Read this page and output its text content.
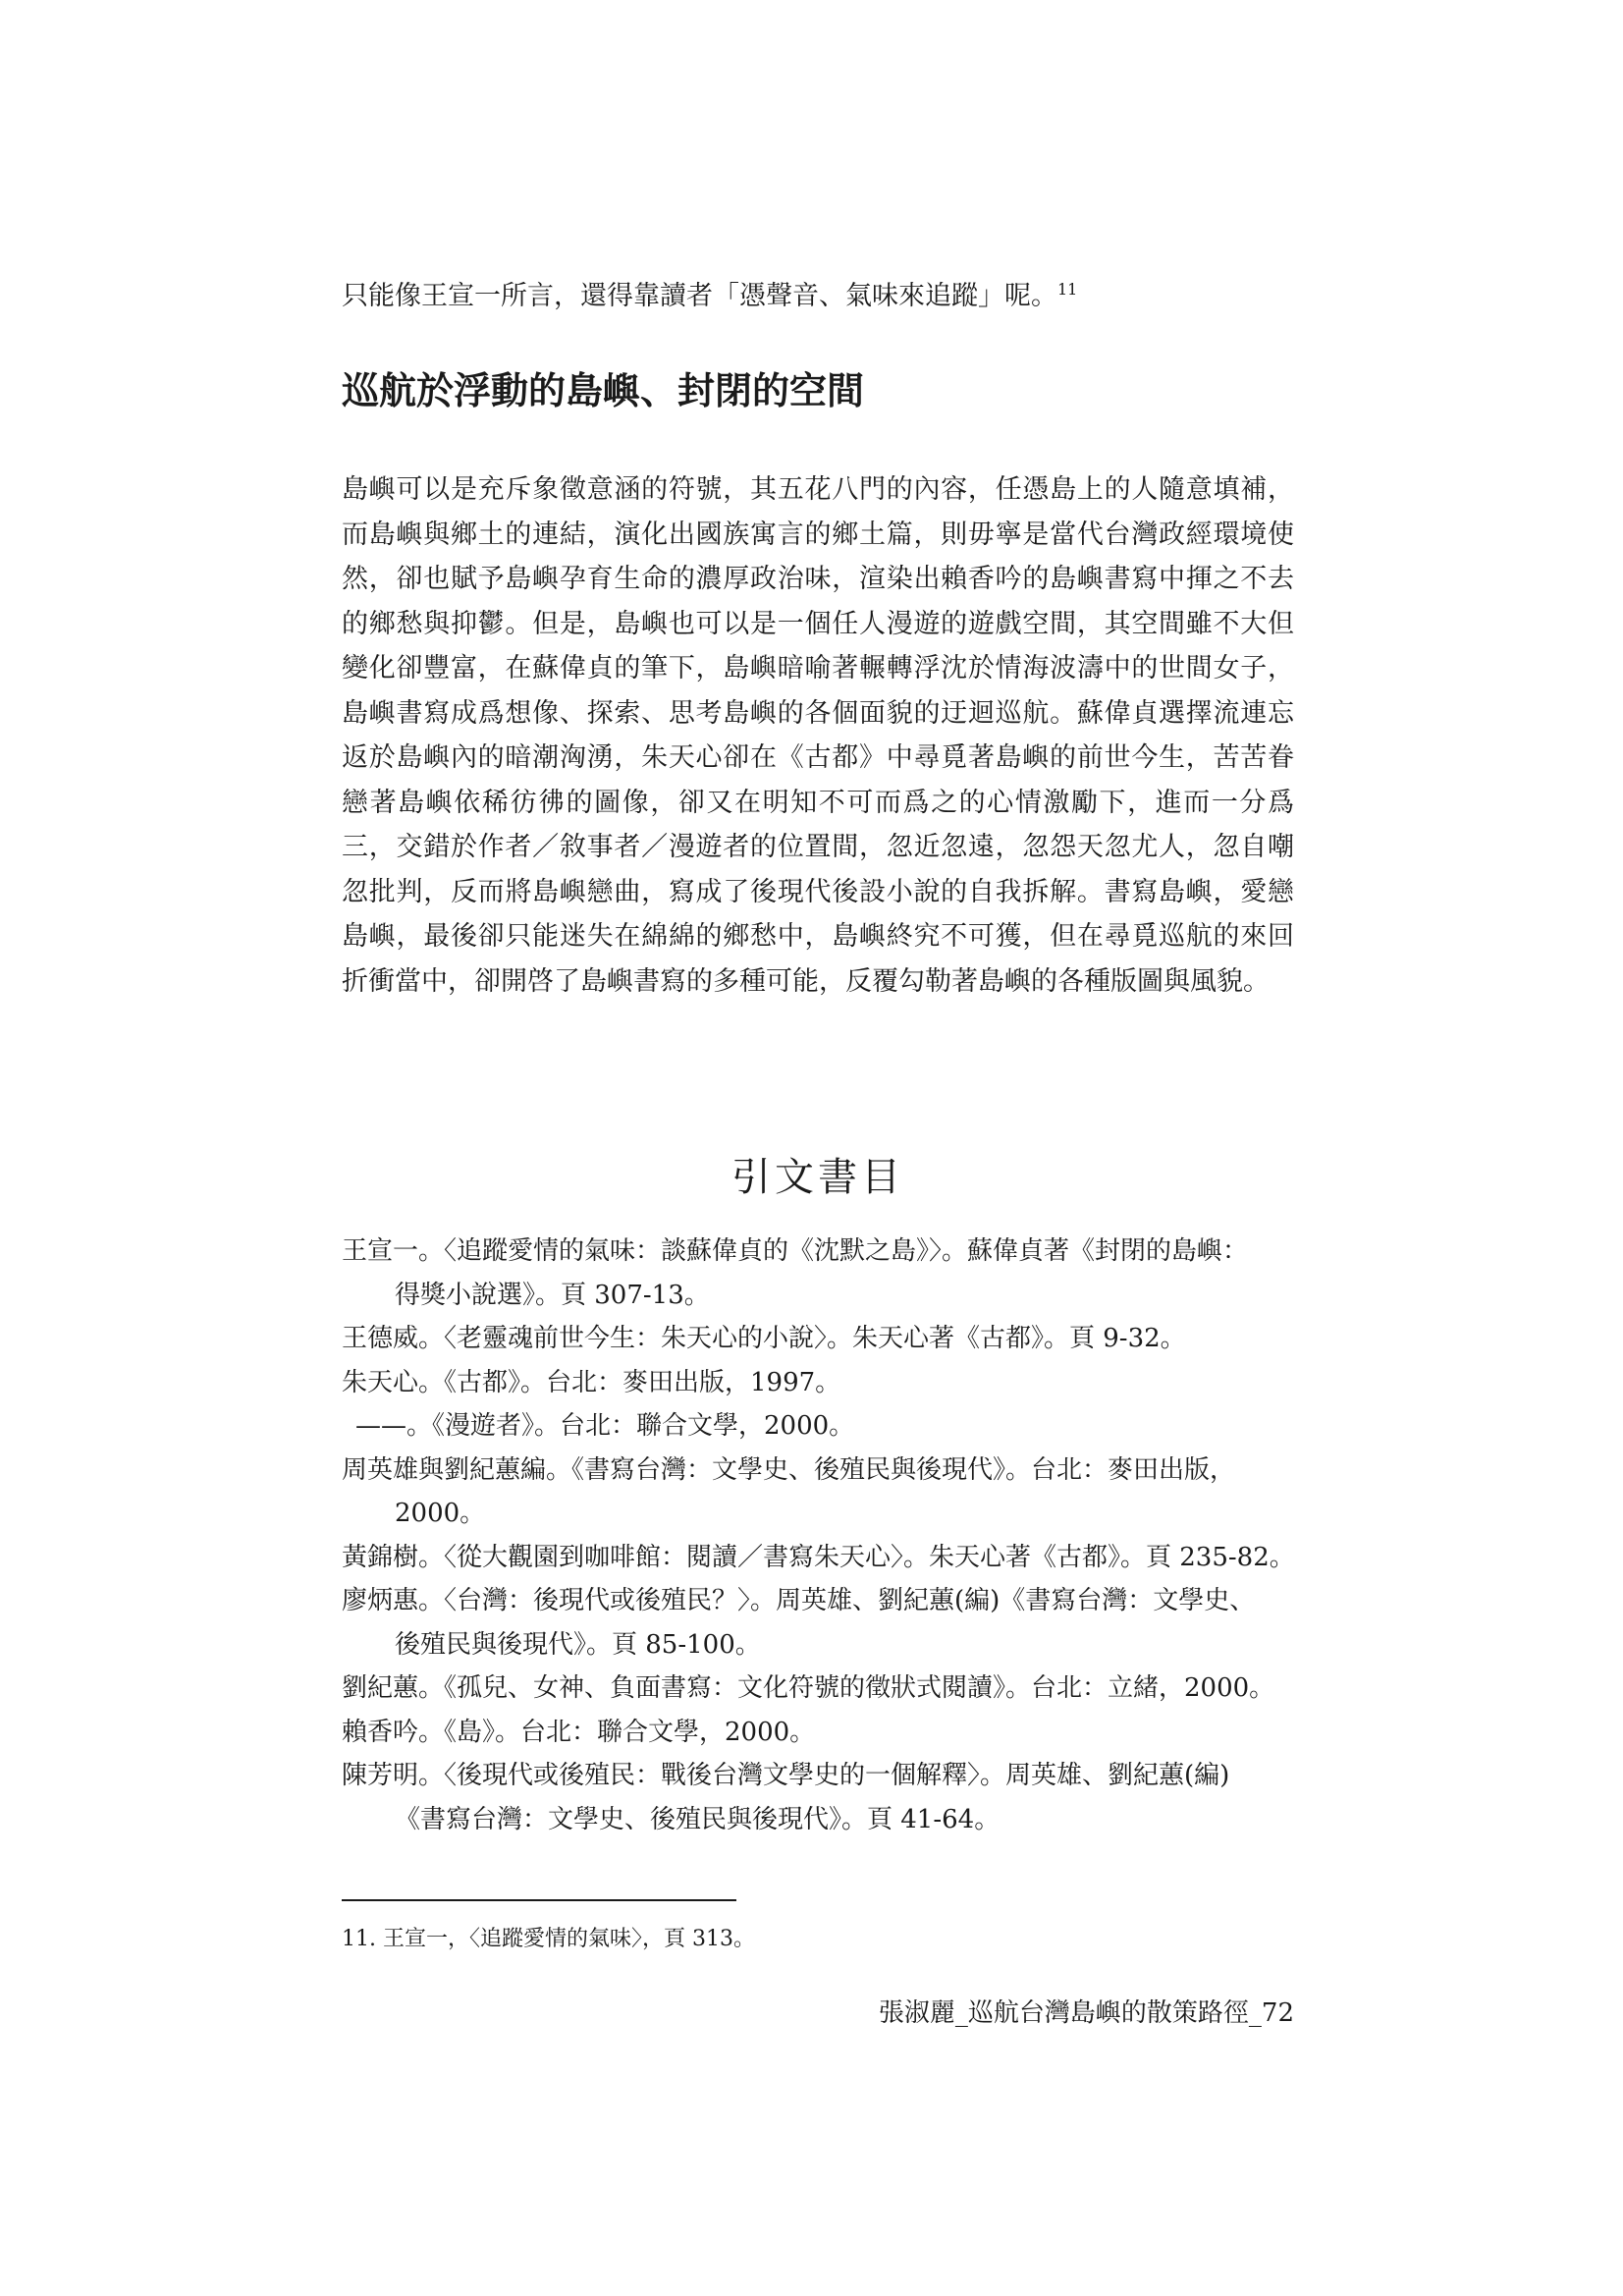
只能像王宣一所言，還得靠讀者「憑聲音、氣味來追蹤」呢。$^{11}$
巡航於浮動的島嶼、封閉的空間

島嶼可以是充斥象徵意涵的符號，其五花八門的內容，任憑島上的人隨意填補，
而島嶼與鄉土的連結，演化出國族寓言的鄉土篇，則毋寧是當代台灣政經環境使
然，卻也賦予島嶼孕育生命的濃厚政治味，渲染出賴香吟的島嶼書寫中揮之不去
的鄉愁與抑鬱。但是，島嶼也可以是一個任人漫遊的遊戲空間，其空間雖不大但
變化卻豐富，在蘇偉貞的筆下，島嶼暗喻著輾轉浮沈於情海波濤中的世間女子，
島嶼書寫成爲想像、探索、思考島嶼的各個面貌的迂迴巡航。蘇偉貞選擇流連忘
返於島嶼內的暗潮洶湧，朱天心卻在《古都》中尋覓著島嶼的前世今生，苦苦眷
戀著島嶼依稀彷彿的圖像，卻又在明知不可而爲之的心情激勵下，進而一分爲
三，交錯於作者／敘事者／漫遊者的位置間，忽近忽遠，忽怨天忽尤人，忽自嘲
忽批判，反而將島嶼戀曲，寫成了後現代後設小說的自我拆解。書寫島嶼，愛戀
島嶼，最後卻只能迷失在綿綿的鄉愁中，島嶼終究不可獲，但在尋覓巡航的來回
折衝當中，卻開啓了島嶼書寫的多種可能，反覆勾勒著島嶼的各種版圖與風貌。

引文書目
王宣一。〈追蹤愛情的氣味：談蘇偉貞的《沈默之島》〉。蘇偉貞著《封閉的島嶼：
得獎小說選》。頁 307-13。
王德威。〈老靈魂前世今生：朱天心的小說〉。朱天心著《古都》。頁 9-32。
朱天心。《古都》。台北：麥田出版，1997。
——。《漫遊者》。台北：聯合文學，2000。
周英雄與劉紀蕙編。《書寫台灣：文學史、後殖民與後現代》。台北：麥田出版，
2000。
黃錦樹。〈從大觀園到咖啡館：閱讀／書寫朱天心〉。朱天心著《古都》。頁 235-82。
廖炳惠。〈台灣：後現代或後殖民？〉。周英雄、劉紀蕙(編)《書寫台灣：文學史、
後殖民與後現代》。頁 85-100。
劉紀蕙。《孤兒、女神、負面書寫：文化符號的徵狀式閱讀》。台北：立緒，2000。
賴香吟。《島》。台北：聯合文學，2000。
陳芳明。〈後現代或後殖民：戰後台灣文學史的一個解釋〉。周英雄、劉紀蕙(編)
《書寫台灣：文學史、後殖民與後現代》。頁 41-64。
11. 王宣一，〈追蹤愛情的氣味〉，頁 313。
張淑麗_巡航台灣島嶼的散策路徑_72
